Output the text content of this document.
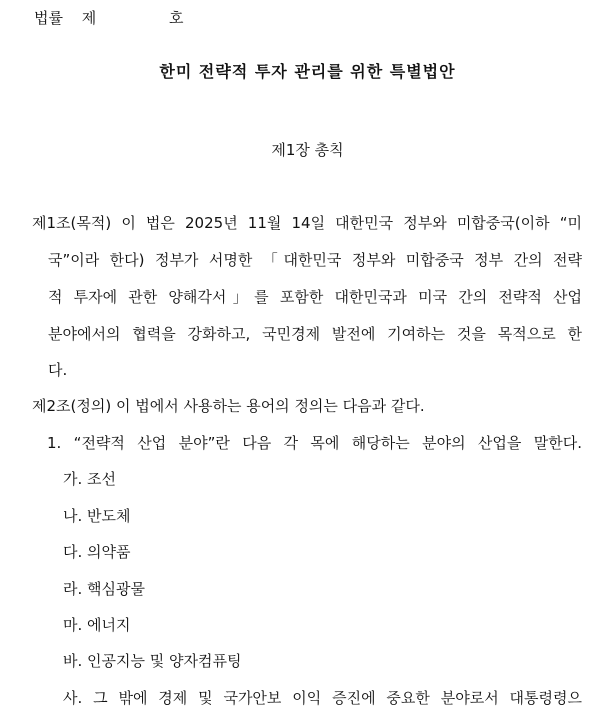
법률 제	호
한미 전략적 투자 관리를 위한 특별법안
제1장 총칙
제1조(목적) 이 법은 2025년 11월 14일 대한민국 정부와 미합중국(이하 “미
국”이라 한다) 정부가 서명한 「대한민국 정부와 미합중국 정부 간의 전략
적 투자에 관한 양해각서」를 포함한 대한민국과 미국 간의 전략적 산업
분야에서의 협력을 강화하고, 국민경제 발전에 기여하는 것을 목적으로 한
다.
제2조(정의) 이 법에서 사용하는 용어의 정의는 다음과 같다.
1. “전략적 산업 분야”란 다음 각 목에 해당하는 분야의 산업을 말한다.
가. 조선
나. 반도체
다. 의약품
라. 핵심광물
마. 에너지
바. 인공지능 및 양자컴퓨팅
사. 그 밖에 경제 및 국가안보 이익 증진에 중요한 분야로서 대통령령으
